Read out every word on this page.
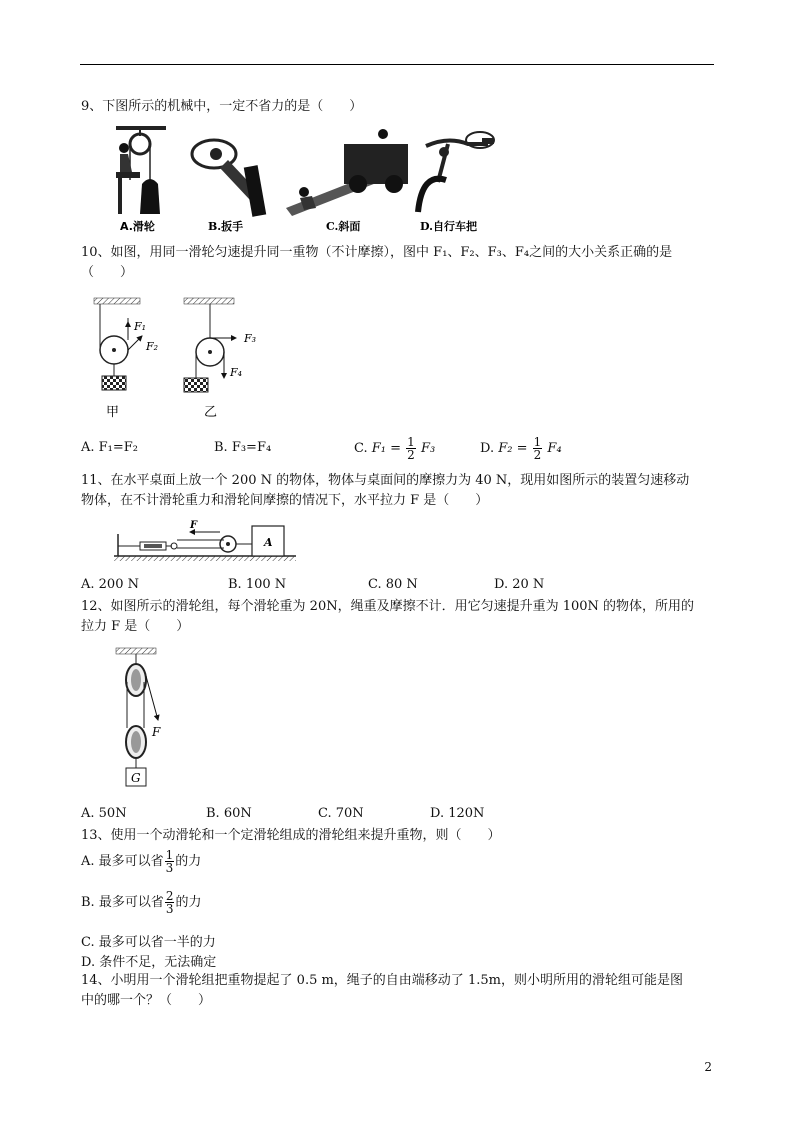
9、下图所示的机械中，一定不省力的是（　　）
A.滑轮	B.扳手	C.斜面	D.自行车把
10、如图，用同一滑轮匀速提升同一重物（不计摩擦），图中 F₁、F₂、F₃、F₄之间的大小关系正确的是
（　　）
F₁
F₂
甲
F₃
F₄
乙
A. F₁=F₂	B. F₃=F₄	C. $F_1 = \frac{1}{2} F_3$	D. $F_2 = \frac{1}{2} F_4$
11、在水平桌面上放一个 200 N 的物体，物体与桌面间的摩擦力为 40 N，现用如图所示的装置匀速移动
物体，在不计滑轮重力和滑轮间摩擦的情况下，水平拉力 F 是（　　）
F
A
A. 200 N	B. 100 N	C. 80 N	D. 20 N
12、如图所示的滑轮组，每个滑轮重为 20N，绳重及摩擦不计．用它匀速提升重为 100N 的物体，所用的
拉力 F 是（　　）
F
G
A. 50N	B. 60N	C. 70N	D. 120N
13、使用一个动滑轮和一个定滑轮组成的滑轮组来提升重物，则（　　）
A. 最多可以省 $\frac{1}{3}$ 的力
B. 最多可以省 $\frac{2}{3}$ 的力
C. 最多可以省一半的力
D. 条件不足，无法确定
14、小明用一个滑轮组把重物提起了 0.5 m，绳子的自由端移动了 1.5m，则小明所用的滑轮组可能是图
中的哪一个？（　　）
2
